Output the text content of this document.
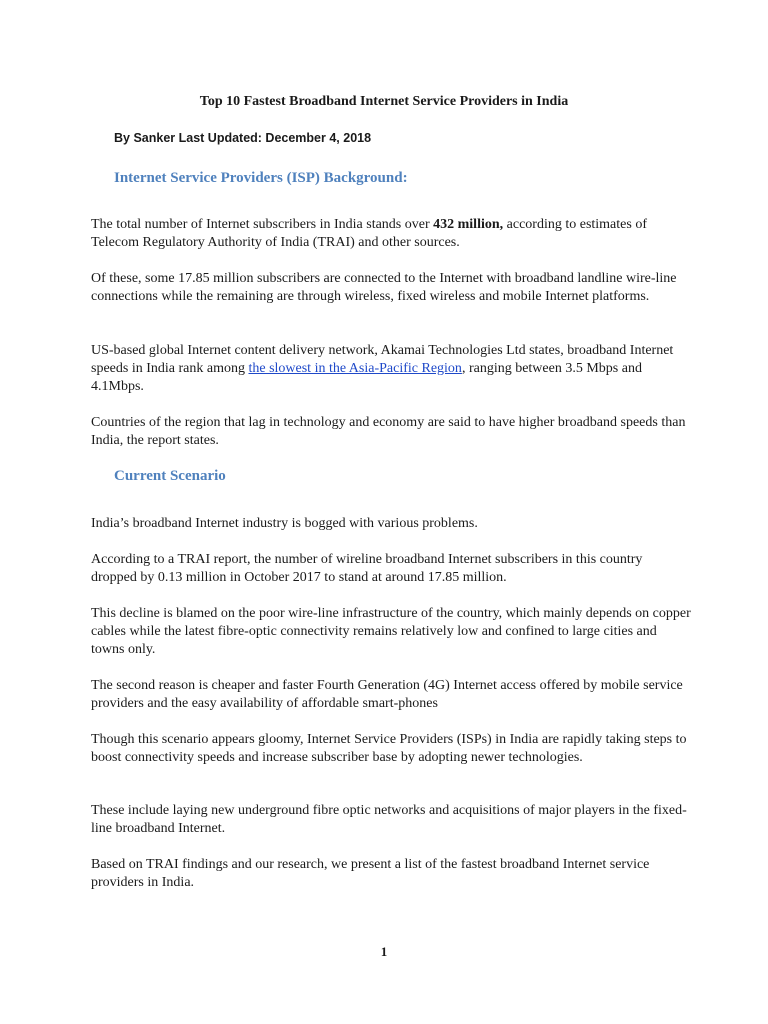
Top 10 Fastest Broadband Internet Service Providers in India
By Sanker Last Updated: December 4, 2018
Internet Service Providers (ISP) Background:
The total number of Internet subscribers in India stands over 432 million, according to estimates of Telecom Regulatory Authority of India (TRAI) and other sources.
Of these, some 17.85 million subscribers are connected to the Internet with broadband landline wire-line connections while the remaining are through wireless, fixed wireless and mobile Internet platforms.
US-based global Internet content delivery network, Akamai Technologies Ltd states, broadband Internet speeds in India rank among the slowest in the Asia-Pacific Region, ranging between 3.5 Mbps and 4.1Mbps.
Countries of the region that lag in technology and economy are said to have higher broadband speeds than India, the report states.
Current Scenario
India’s broadband Internet industry is bogged with various problems.
According to a TRAI report, the number of wireline broadband Internet subscribers in this country dropped by 0.13 million in October 2017 to stand at around 17.85 million.
This decline is blamed on the poor wire-line infrastructure of the country, which mainly depends on copper cables while the latest fibre-optic connectivity remains relatively low and confined to large cities and towns only.
The second reason is cheaper and faster Fourth Generation (4G) Internet access offered by mobile service providers and the easy availability of affordable smart-phones
Though this scenario appears gloomy, Internet Service Providers (ISPs) in India are rapidly taking steps to boost connectivity speeds and increase subscriber base by adopting newer technologies.
These include laying new underground fibre optic networks and acquisitions of major players in the fixed-line broadband Internet.
Based on TRAI findings and our research, we present a list of the fastest broadband Internet service providers in India.
1
